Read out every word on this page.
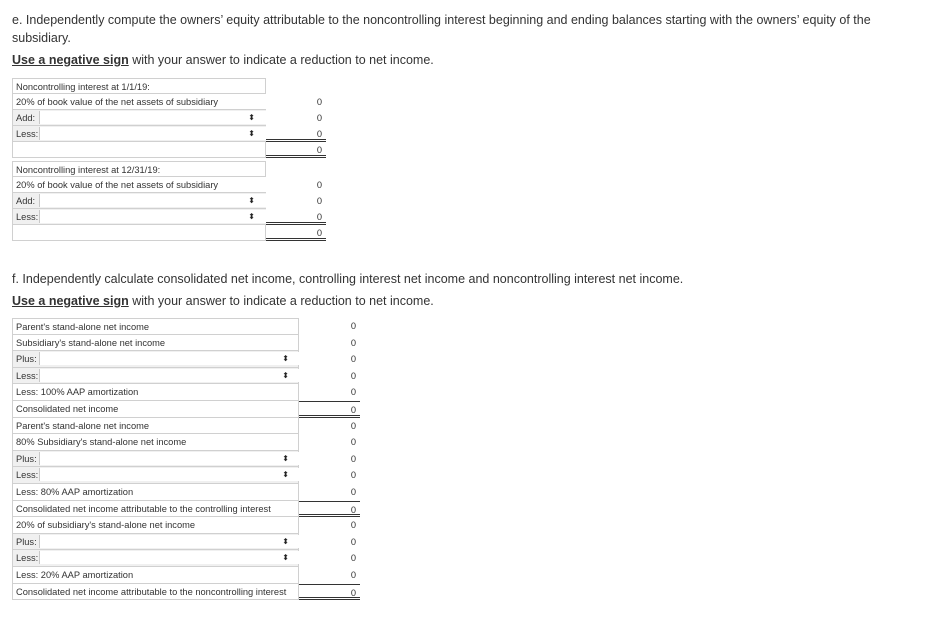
e. Independently compute the owners’ equity attributable to the noncontrolling interest beginning and ending balances starting with the owners’ equity of the subsidiary.
Use a negative sign with your answer to indicate a reduction to net income.
Noncontrolling interest at 1/1/19:
20% of book value of the net assets of subsidiary	0
Add:	⬍	0
Less:	⬍	0
0
Noncontrolling interest at 12/31/19:
20% of book value of the net assets of subsidiary	0
Add:	⬍	0
Less:	⬍	0
0
f. Independently calculate consolidated net income, controlling interest net income and noncontrolling interest net income.
Use a negative sign with your answer to indicate a reduction to net income.
Parent's stand-alone net income	0
Subsidiary's stand-alone net income	0
Plus:	⬍	0
Less:	⬍	0
Less: 100% AAP amortization	0
Consolidated net income	0
Parent's stand-alone net income	0
80% Subsidiary's stand-alone net income	0
Plus:	⬍	0
Less:	⬍	0
Less: 80% AAP amortization	0
Consolidated net income attributable to the controlling interest	0
20% of subsidiary's stand-alone net income	0
Plus:	⬍	0
Less:	⬍	0
Less: 20% AAP amortization	0
Consolidated net income attributable to the noncontrolling interest	0
